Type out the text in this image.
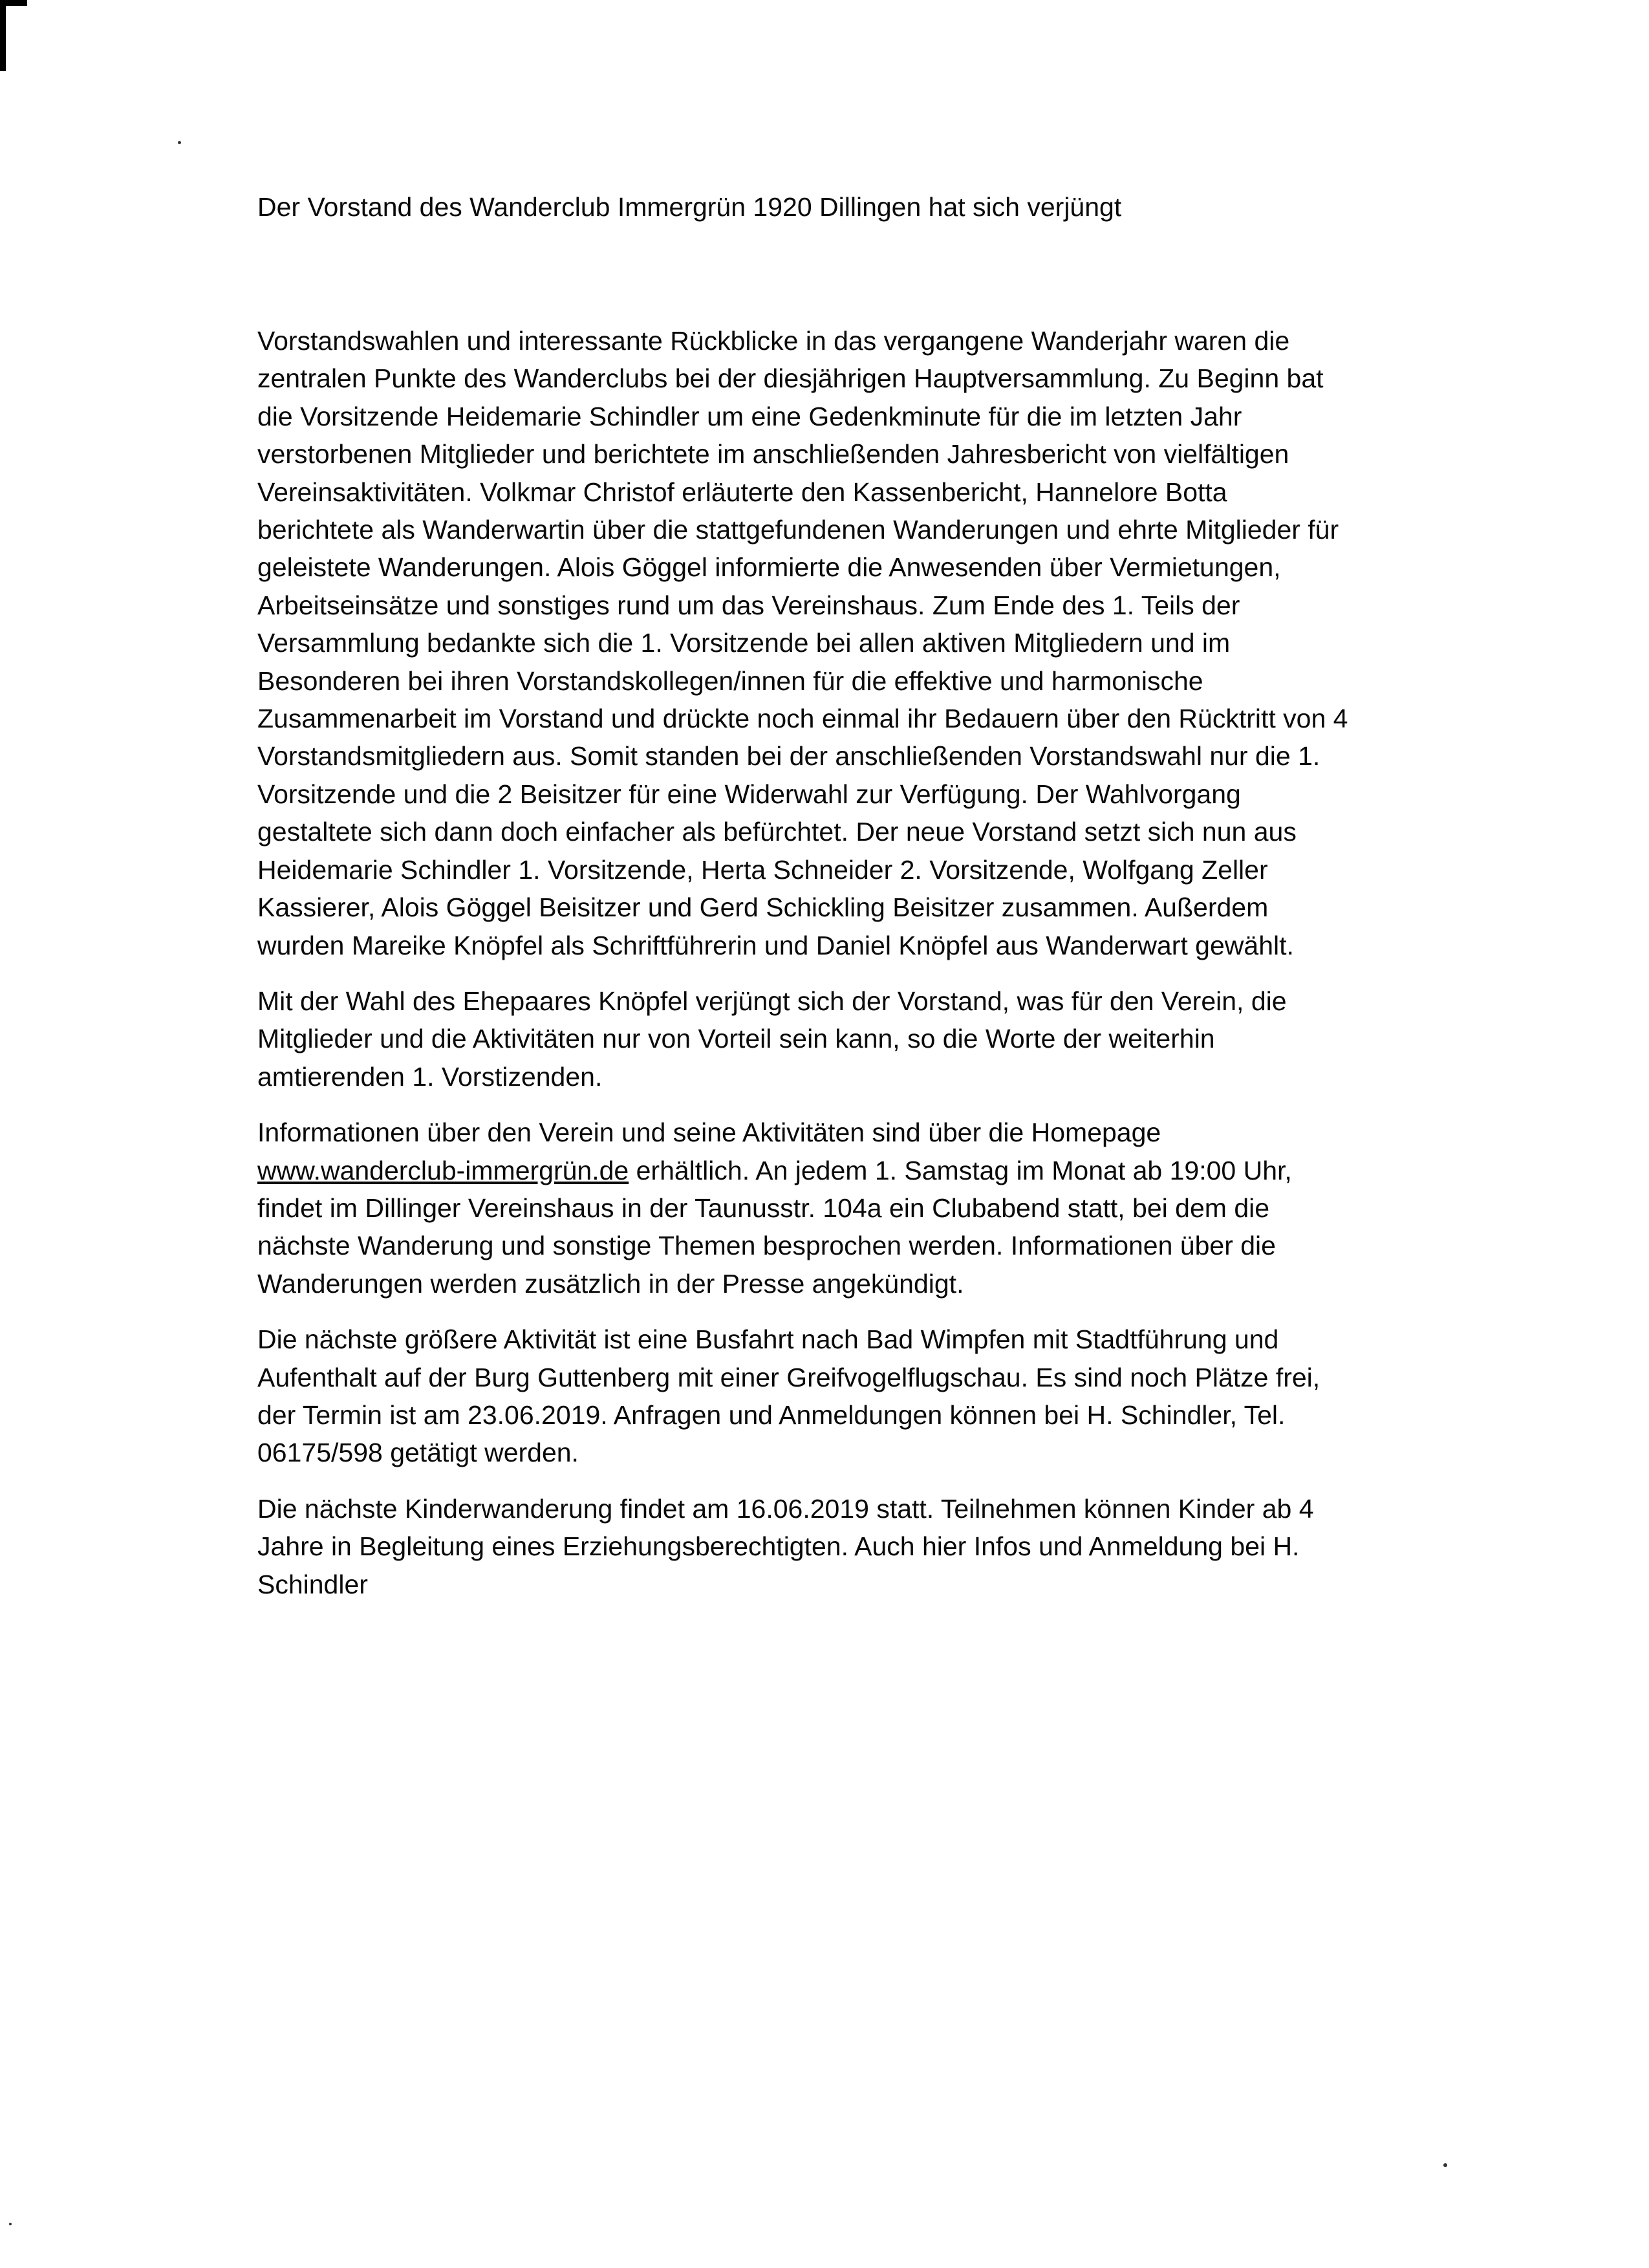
Der Vorstand des Wanderclub Immergrün 1920 Dillingen hat sich verjüngt
Vorstandswahlen und interessante Rückblicke in das vergangene Wanderjahr waren die
zentralen Punkte des Wanderclubs bei der diesjährigen Hauptversammlung. Zu Beginn bat
die Vorsitzende Heidemarie Schindler um eine Gedenkminute für die im letzten Jahr
verstorbenen Mitglieder und berichtete im anschließenden Jahresbericht von vielfältigen
Vereinsaktivitäten. Volkmar Christof erläuterte den Kassenbericht, Hannelore Botta
berichtete als Wanderwartin über die stattgefundenen Wanderungen und ehrte Mitglieder für
geleistete Wanderungen. Alois Göggel informierte die Anwesenden über Vermietungen,
Arbeitseinsätze und sonstiges rund um das Vereinshaus. Zum Ende des 1. Teils der
Versammlung bedankte sich die 1. Vorsitzende bei allen aktiven Mitgliedern und im
Besonderen bei ihren Vorstandskollegen/innen für die effektive und harmonische
Zusammenarbeit im Vorstand und drückte noch einmal ihr Bedauern über den Rücktritt von 4
Vorstandsmitgliedern aus. Somit standen bei der anschließenden Vorstandswahl nur die 1.
Vorsitzende und die 2 Beisitzer für eine Widerwahl zur Verfügung. Der Wahlvorgang
gestaltete sich dann doch einfacher als befürchtet. Der neue Vorstand setzt sich nun aus
Heidemarie Schindler 1. Vorsitzende, Herta Schneider 2. Vorsitzende, Wolfgang Zeller
Kassierer, Alois Göggel Beisitzer und Gerd Schickling Beisitzer zusammen. Außerdem
wurden Mareike Knöpfel als Schriftführerin und Daniel Knöpfel aus Wanderwart gewählt.
Mit der Wahl des Ehepaares Knöpfel verjüngt sich der Vorstand, was für den Verein, die
Mitglieder und die Aktivitäten nur von Vorteil sein kann, so die Worte der weiterhin
amtierenden 1. Vorstizenden.
Informationen über den Verein und seine Aktivitäten sind über die Homepage
www.wanderclub-immergrün.de erhältlich. An jedem 1. Samstag im Monat ab 19:00 Uhr,
findet im Dillinger Vereinshaus in der Taunusstr. 104a ein Clubabend statt, bei dem die
nächste Wanderung und sonstige Themen besprochen werden. Informationen über die
Wanderungen werden zusätzlich in der Presse angekündigt.
Die nächste größere Aktivität ist eine Busfahrt nach Bad Wimpfen mit Stadtführung und
Aufenthalt auf der Burg Guttenberg mit einer Greifvogelflugschau. Es sind noch Plätze frei,
der Termin ist am 23.06.2019. Anfragen und Anmeldungen können bei H. Schindler, Tel.
06175/598 getätigt werden.
Die nächste Kinderwanderung findet am 16.06.2019 statt. Teilnehmen können Kinder ab 4
Jahre in Begleitung eines Erziehungsberechtigten. Auch hier Infos und Anmeldung bei H.
Schindler
